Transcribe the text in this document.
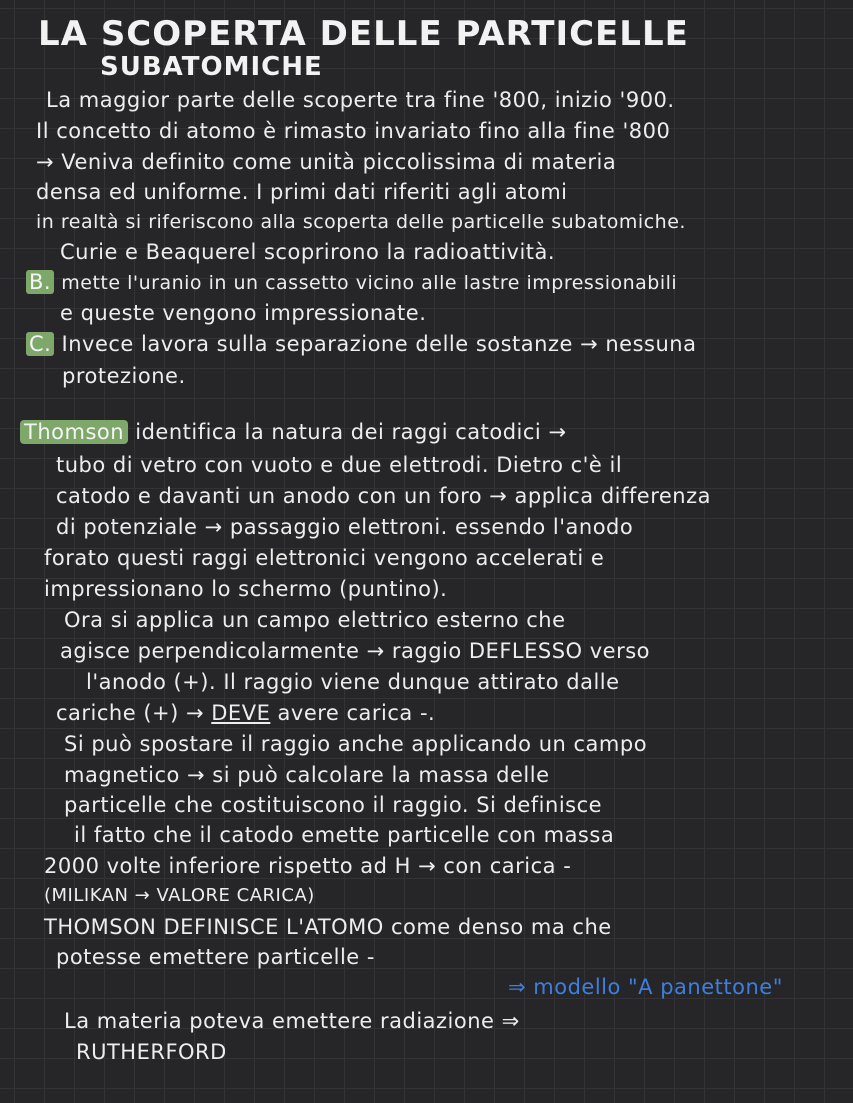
LA SCOPERTA DELLE PARTICELLE
SUBATOMICHE
La maggior parte delle scoperte tra fine '800, inizio '900.
Il concetto di atomo è rimasto invariato fino alla fine '800
→ Veniva definito come unità piccolissima di materia
densa ed uniforme. I primi dati riferiti agli atomi
in realtà si riferiscono alla scoperta delle particelle subatomiche.
Curie e Beaquerel scoprirono la radioattività.
B. mette l'uranio in un cassetto vicino alle lastre impressionabili
e queste vengono impressionate.
C. Invece lavora sulla separazione delle sostanze → nessuna
protezione.
Thomson identifica la natura dei raggi catodici →
tubo di vetro con vuoto e due elettrodi. Dietro c'è il
catodo e davanti un anodo con un foro → applica differenza
di potenziale → passaggio elettroni. essendo l'anodo
forato questi raggi elettronici vengono accelerati e
impressionano lo schermo (puntino).
Ora si applica un campo elettrico esterno che
agisce perpendicolarmente → raggio DEFLESSO verso
l'anodo (+). Il raggio viene dunque attirato dalle
cariche (+) → DEVE avere carica -.
Si può spostare il raggio anche applicando un campo
magnetico → si può calcolare la massa delle
particelle che costituiscono il raggio. Si definisce
il fatto che il catodo emette particelle con massa
2000 volte inferiore rispetto ad H → con carica -
(MILIKAN → VALORE CARICA)
THOMSON DEFINISCE L'ATOMO come denso ma che
potesse emettere particelle -
⇒ modello "A panettone"
La materia poteva emettere radiazione ⇒
RUTHERFORD
